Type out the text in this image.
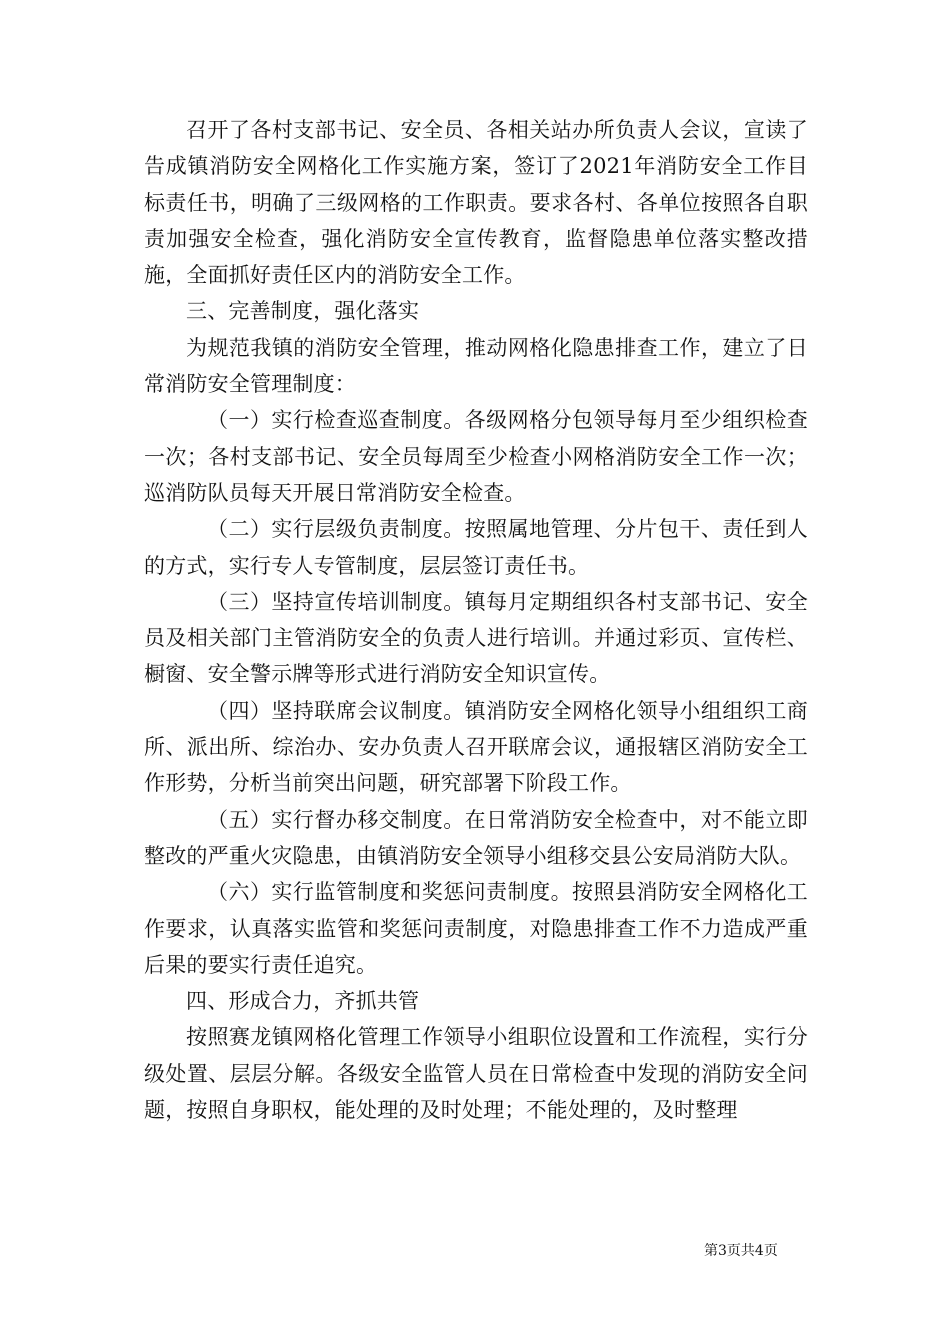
召开了各村支部书记、安全员、各相关站办所负责人会议，宣读了告成镇消防安全网格化工作实施方案，签订了2021年消防安全工作目标责任书，明确了三级网格的工作职责。要求各村、各单位按照各自职责加强安全检查，强化消防安全宣传教育，监督隐患单位落实整改措施，全面抓好责任区内的消防安全工作。

三、完善制度，强化落实

为规范我镇的消防安全管理，推动网格化隐患排查工作，建立了日常消防安全管理制度：

（一）实行检查巡查制度。各级网格分包领导每月至少组织检查一次；各村支部书记、安全员每周至少检查小网格消防安全工作一次；巡消防队员每天开展日常消防安全检查。

（二）实行层级负责制度。按照属地管理、分片包干、责任到人的方式，实行专人专管制度，层层签订责任书。

（三）坚持宣传培训制度。镇每月定期组织各村支部书记、安全员及相关部门主管消防安全的负责人进行培训。并通过彩页、宣传栏、橱窗、安全警示牌等形式进行消防安全知识宣传。

（四）坚持联席会议制度。镇消防安全网格化领导小组组织工商所、派出所、综治办、安办负责人召开联席会议，通报辖区消防安全工作形势，分析当前突出问题，研究部署下阶段工作。

（五）实行督办移交制度。在日常消防安全检查中，对不能立即整改的严重火灾隐患，由镇消防安全领导小组移交县公安局消防大队。

（六）实行监管制度和奖惩问责制度。按照县消防安全网格化工作要求，认真落实监管和奖惩问责制度，对隐患排查工作不力造成严重后果的要实行责任追究。

四、形成合力，齐抓共管

按照赛龙镇网格化管理工作领导小组职位设置和工作流程，实行分级处置、层层分解。各级安全监管人员在日常检查中发现的消防安全问题，按照自身职权，能处理的及时处理；不能处理的，及时整理

第3页共4页
